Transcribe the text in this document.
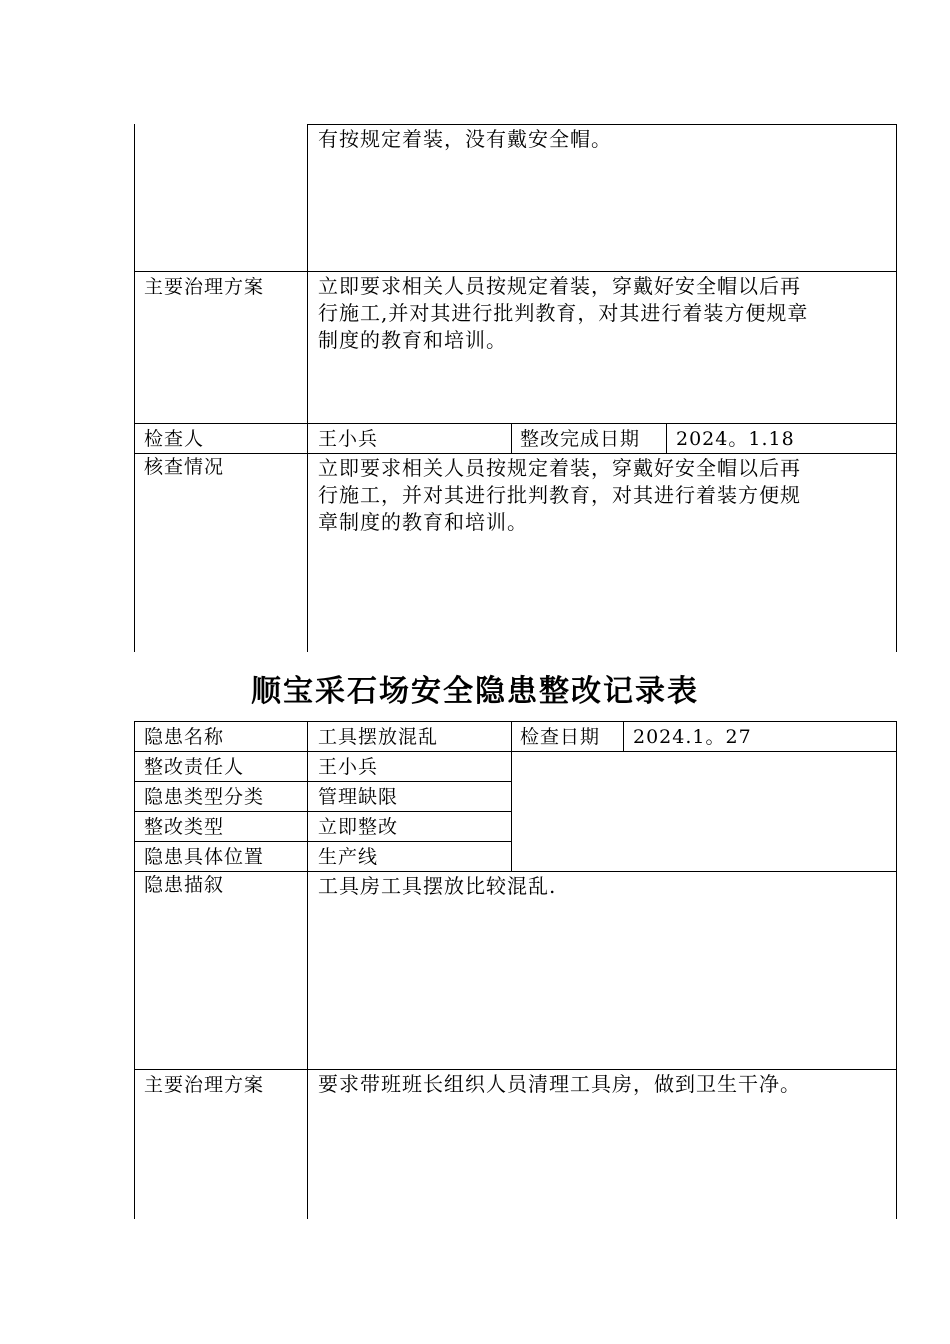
有按规定着装，没有戴安全帽。
主要治理方案	立即要求相关人员按规定着装，穿戴好安全帽以后再
行施工,并对其进行批判教育，对其进行着装方便规章
制度的教育和培训。
检查人	王小兵	整改完成日期 2024。1.18
核查情况	立即要求相关人员按规定着装，穿戴好安全帽以后再
行施工，并对其进行批判教育，对其进行着装方便规
章制度的教育和培训。
顺宝采石场安全隐患整改记录表
隐患名称	工具摆放混乱	检查日期 2024.1。27
整改责任人	王小兵
隐患类型分类	管理缺限
整改类型	立即整改
隐患具体位置	生产线
隐患描叙	工具房工具摆放比较混乱.
主要治理方案	要求带班班长组织人员清理工具房，做到卫生干净。
